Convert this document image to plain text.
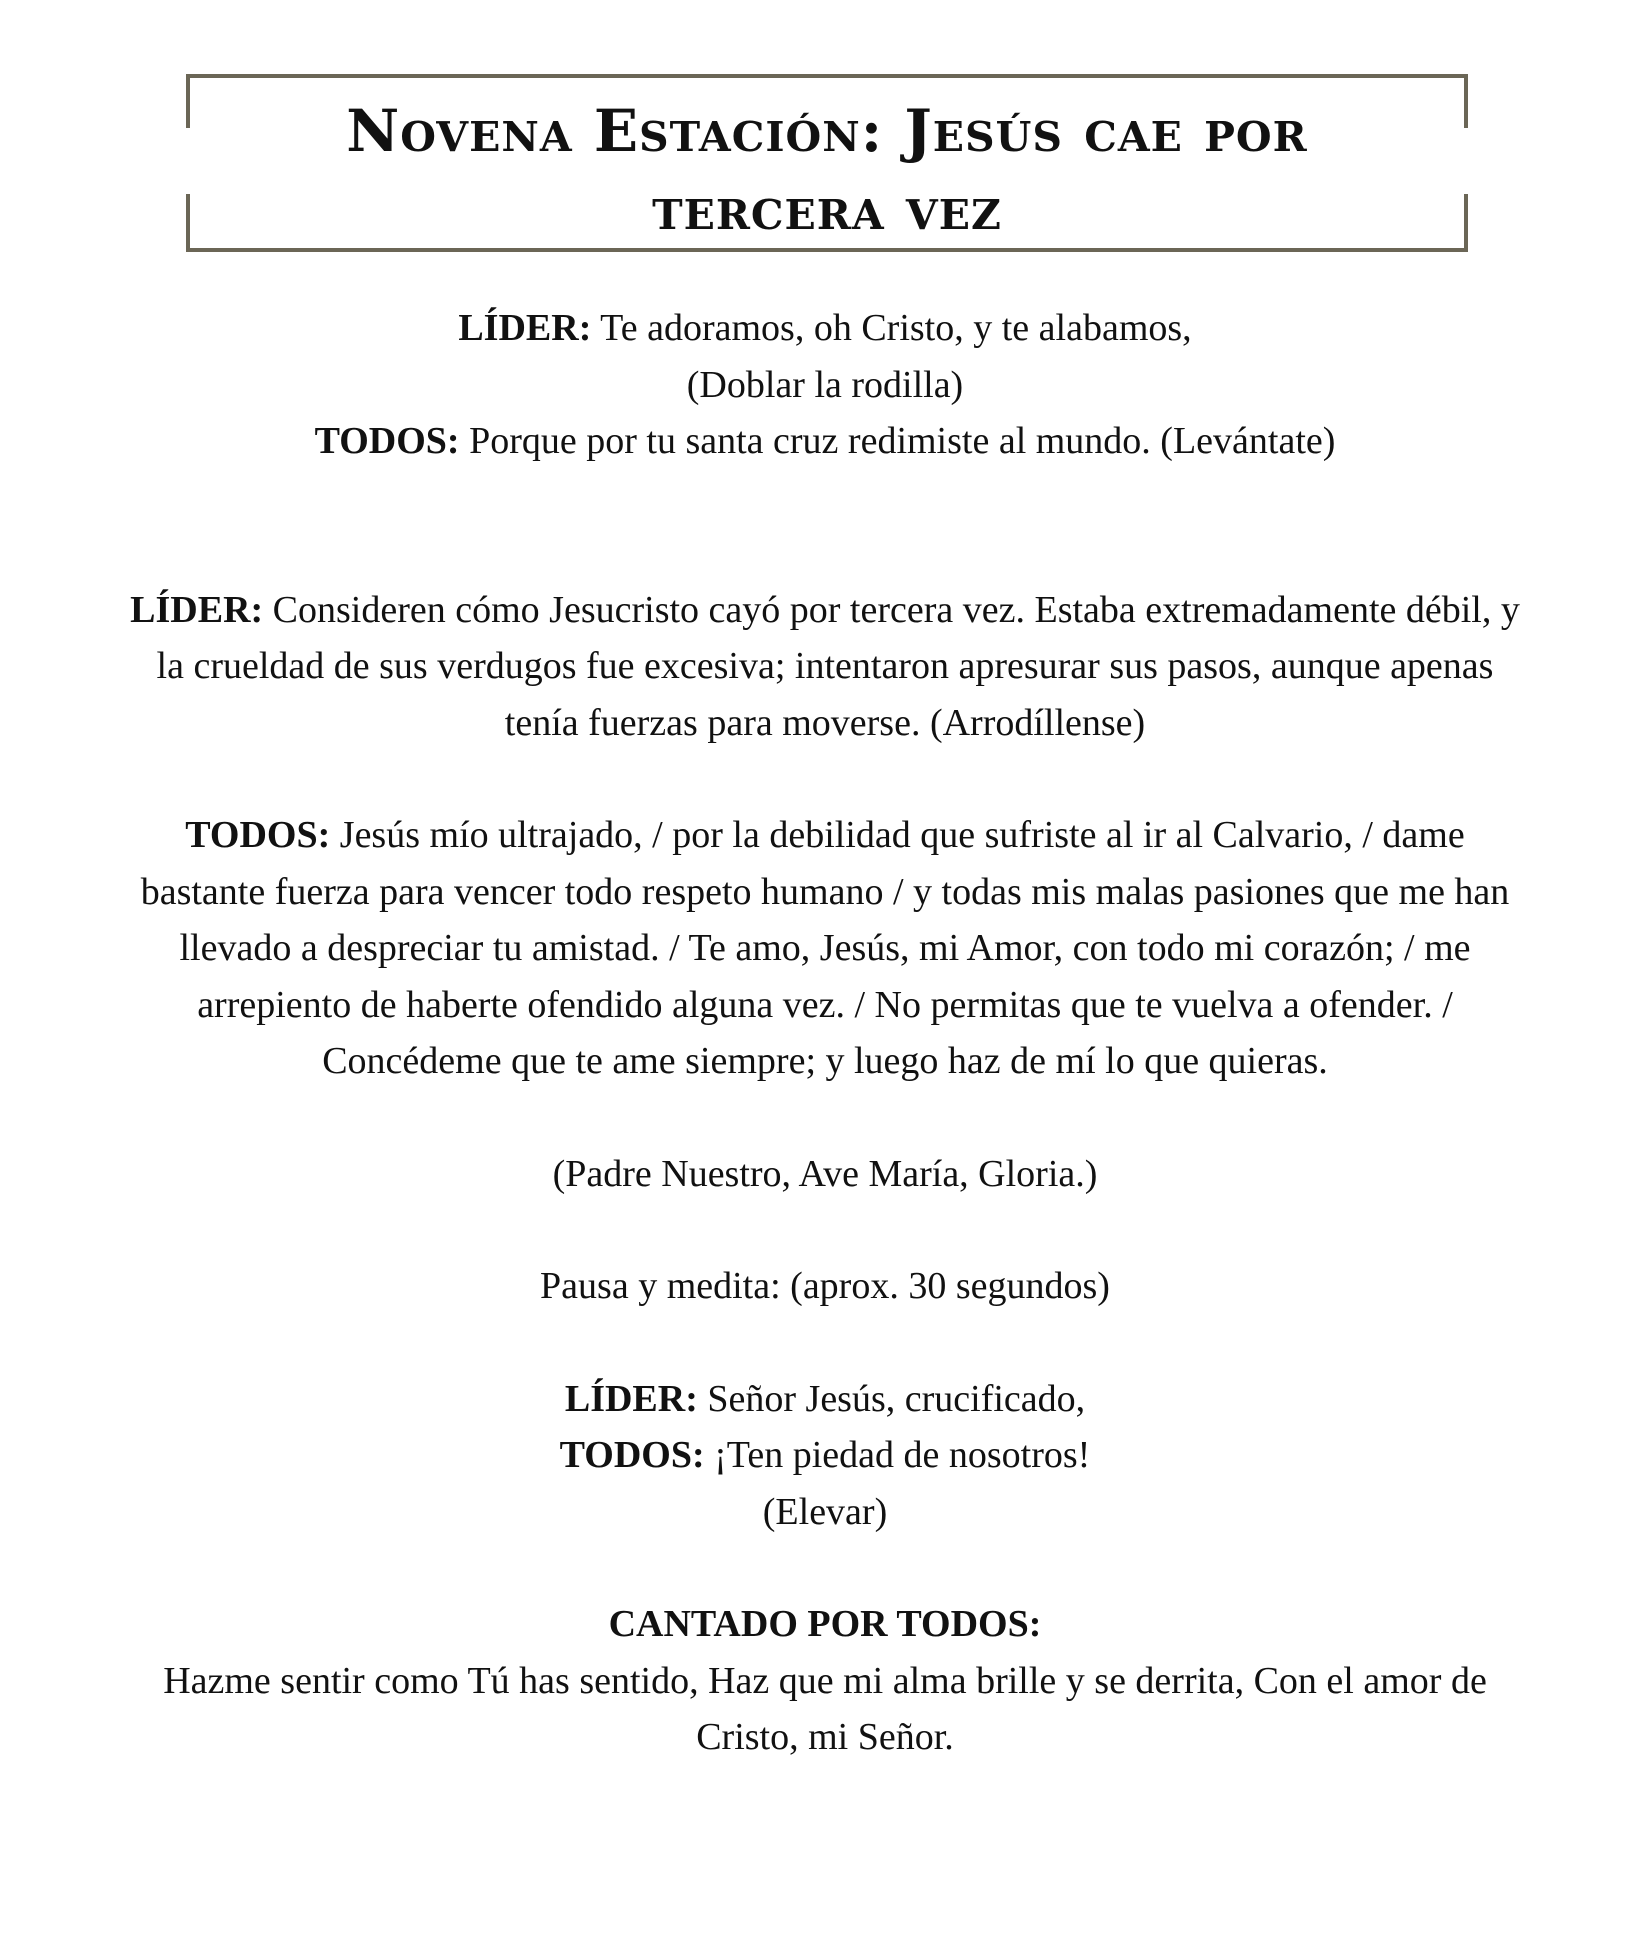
Novena Estación: Jesús cae por
tercera vez

LÍDER: Te adoramos, oh Cristo, y te alabamos,

(Doblar la rodilla)

TODOS: Porque por tu santa cruz redimiste al mundo. (Levántate)

LÍDER: Consideren cómo Jesucristo cayó por tercera vez. Estaba extremadamente débil, y la crueldad de sus verdugos fue excesiva; intentaron apresurar sus pasos, aunque apenas tenía fuerzas para moverse. (Arrodíllense)

TODOS: Jesús mío ultrajado, / por la debilidad que sufriste al ir al Calvario, / dame bastante fuerza para vencer todo respeto humano / y todas mis malas pasiones que me han llevado a despreciar tu amistad. / Te amo, Jesús, mi Amor, con todo mi corazón; / me arrepiento de haberte ofendido alguna vez. / No permitas que te vuelva a ofender. / Concédeme que te ame siempre; y luego haz de mí lo que quieras.

(Padre Nuestro, Ave María, Gloria.)

Pausa y medita: (aprox. 30 segundos)

LÍDER: Señor Jesús, crucificado,

TODOS: ¡Ten piedad de nosotros!

(Elevar)

CANTADO POR TODOS:

Hazme sentir como Tú has sentido, Haz que mi alma brille y se derrita, Con el amor de Cristo, mi Señor.
